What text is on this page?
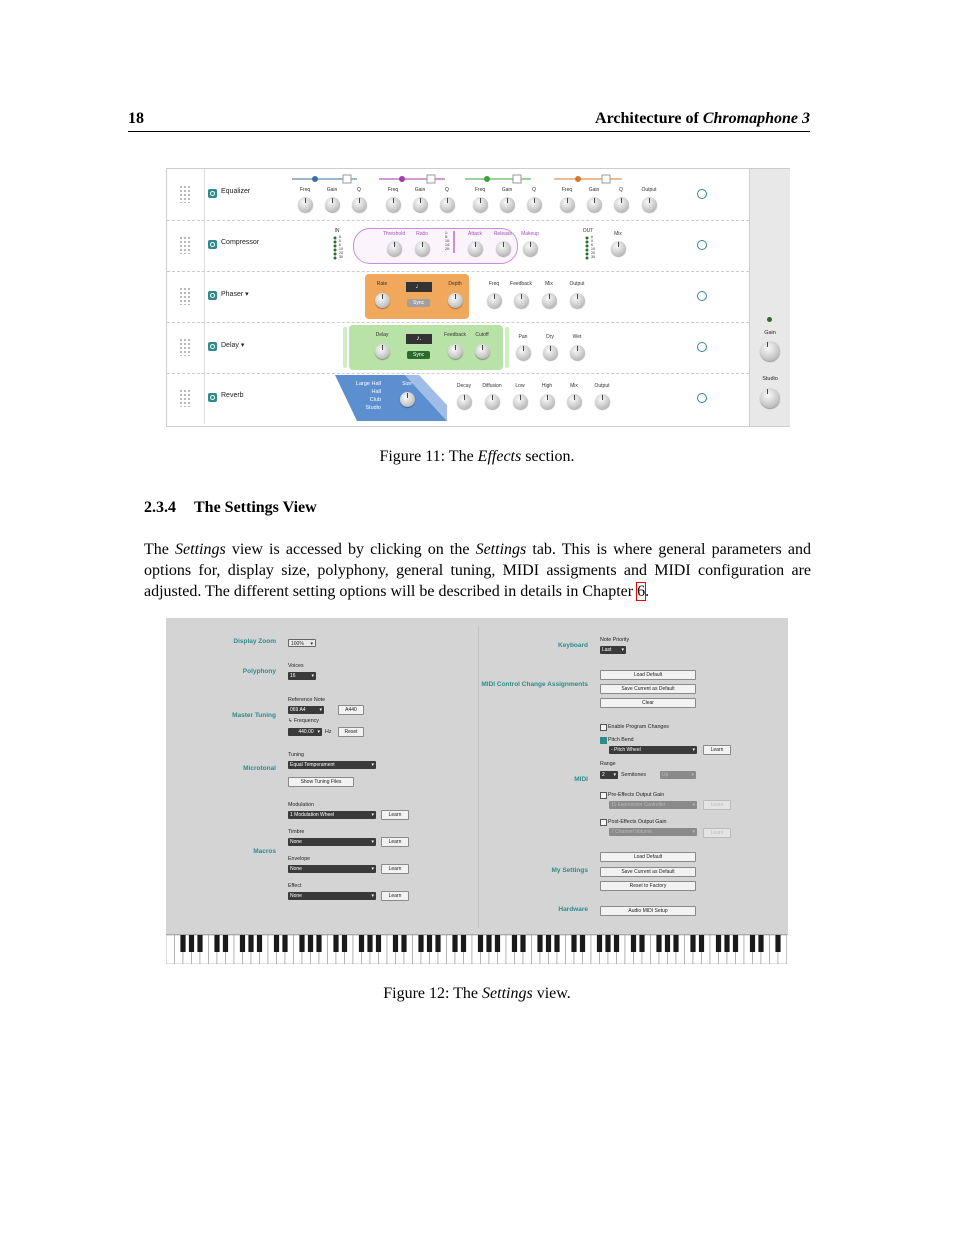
18	Architecture of Chromaphone 3
Equalizer	Freq	Gain	Q	Freq	Gain	Q	Freq	Gain	Q	Freq	Gain	Q	Output
Compressor
IN
6
0
6
10
20
30
Threshold	Ratio	1:
5:
10:
14:
20:
Attack	Release	Makeup	OUT
6
0
6
10
20
30
Mix
Phaser ▾
Rate	Depth
♩
Sync
Freq	Feedback	Mix	Output
Delay ▾
Delay	♪.
Sync
Feedback	Cutoff	Pan	Dry	Wet
Reverb
Large Hall
Hall
Club
Studio
Size	Decay	Diffusion	Low	High	Mix	Output
Gain
Studio
Figure 11: The Effects section.
2.3.4 The Settings View
The Settings view is accessed by clicking on the Settings tab. This is where general parameters and options for, display size, polyphony, general tuning, MIDI assigments and MIDI configuration are adjusted. The different setting options will be described in details in Chapter 6.
Display Zoom	100% ▾
Polyphony
Voices
16 ▾
Master Tuning
Reference Note
069 A4 ▾	A440
↳ Frequency
440.00 ▾	Hz	Reset
Microtonal
Tuning
Equal Temperament ▾
Show Tuning Files
Macros
Modulation
1 Modulation Wheel ▾	Learn
Timbre
None ▾	Learn
Envelope
None ▾	Learn
Effect
None ▾	Learn
Keyboard
Note Priority
Last ▾
MIDI Control Change Assignments
Load Default
Save Current as Default
Clear
MIDI
Enable Program Changes
Pitch Bend
- Pitch Wheel ▾	Learn
Range
2 ▾	Semitones	Up ▾
Pre-Effects Output Gain
11 Expression Controller ▾	Learn
Post-Effects Output Gain
7 Channel Volume ▾	Learn
My Settings
Load Default
Save Current as Default
Reset to Factory
Hardware	Audio MIDI Setup
Figure 12: The Settings view.
